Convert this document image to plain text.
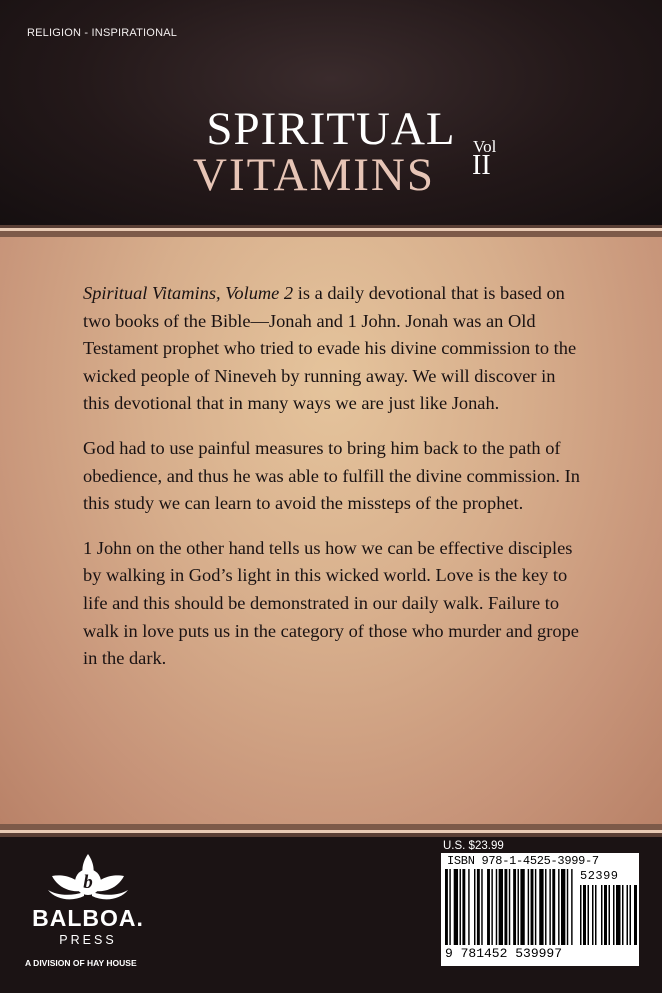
RELIGION - INSPIRATIONAL
SPIRITUAL
VITAMINS
Vol
II

Spiritual Vitamins, Volume 2 is a daily devotional that is based on two books of the Bible—Jonah and 1 John. Jonah was an Old Testament prophet who tried to evade his divine commission to the wicked people of Nineveh by running away. We will discover in this devotional that in many ways we are just like Jonah.

God had to use painful measures to bring him back to the path of obedience, and thus he was able to fulfill the divine commission. In this study we can learn to avoid the missteps of the prophet.

1 John on the other hand tells us how we can be effective disciples by walking in God’s light in this wicked world. Love is the key to life and this should be demonstrated in our daily walk. Failure to walk in love puts us in the category of those who murder and grope in the dark.

b
BALBOA.
PRESS
A DIVISION OF HAY HOUSE
U.S. $23.99
ISBN 978-1-4525-3999-7
52399
9 781452 539997
